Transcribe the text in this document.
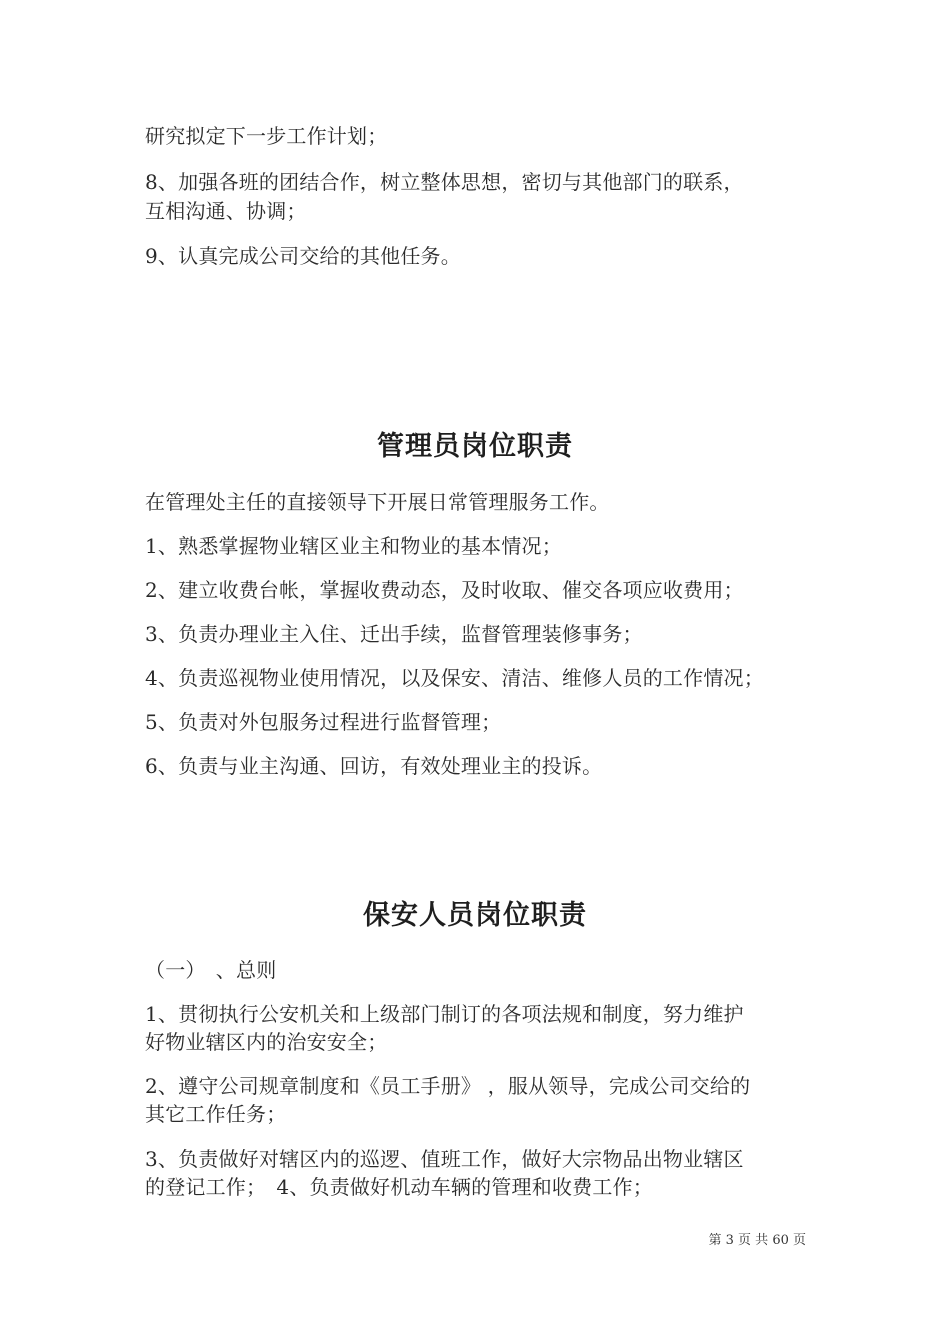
研究拟定下一步工作计划；
8、加强各班的团结合作，树立整体思想，密切与其他部门的联系，
互相沟通、协调；
9、认真完成公司交给的其他任务。
管理员岗位职责
在管理处主任的直接领导下开展日常管理服务工作。
1、熟悉掌握物业辖区业主和物业的基本情况；
2、建立收费台帐，掌握收费动态，及时收取、催交各项应收费用；
3、负责办理业主入住、迁出手续，监督管理装修事务；
4、负责巡视物业使用情况，以及保安、清洁、维修人员的工作情况；
5、负责对外包服务过程进行监督管理；
6、负责与业主沟通、回访，有效处理业主的投诉。
保安人员岗位职责
（一）　、总则
1、贯彻执行公安机关和上级部门制订的各项法规和制度，努力维护
好物业辖区内的治安安全；
2、遵守公司规章制度和《员工手册》 ，服从领导，完成公司交给的
其它工作任务；
3、负责做好对辖区内的巡逻、值班工作，做好大宗物品出物业辖区
的登记工作；　4、负责做好机动车辆的管理和收费工作；
第 3 页 共 60 页
